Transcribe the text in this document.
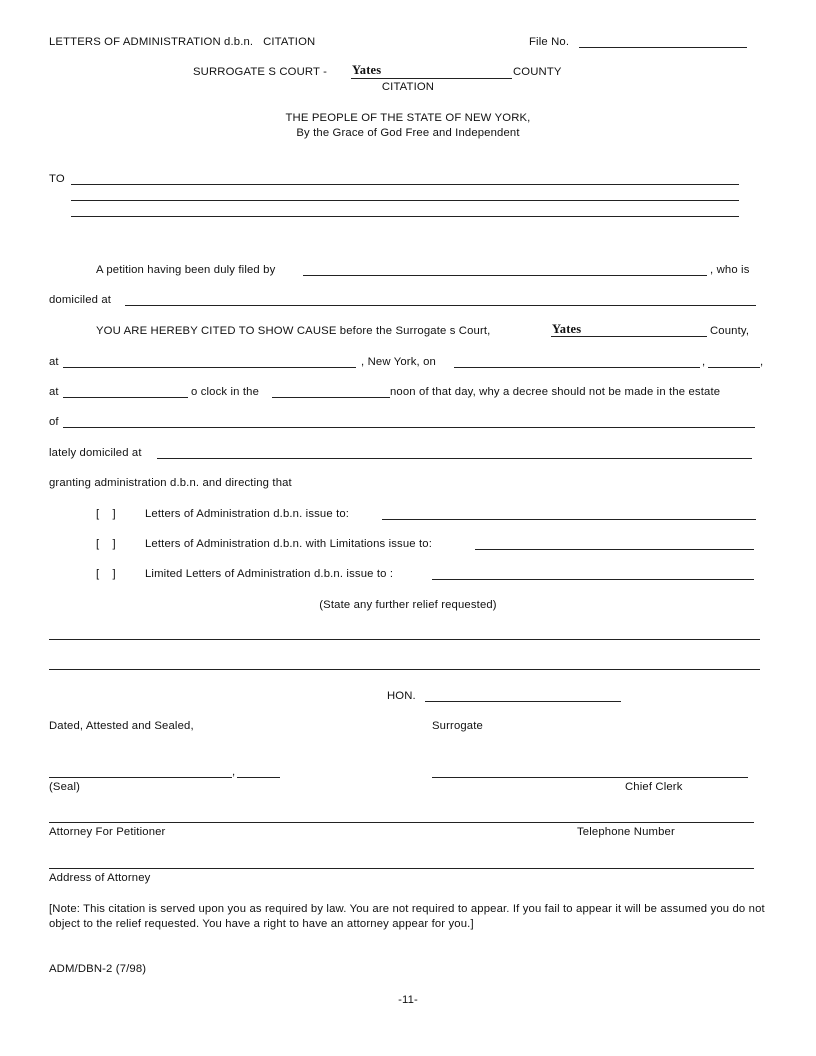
LETTERS OF ADMINISTRATION d.b.n.   CITATION	File No.
SURROGATE S COURT - Yates	COUNTY
CITATION
THE PEOPLE OF THE STATE OF NEW YORK,
By the Grace of God Free and Independent
TO
A petition having been duly filed by	, who is
domiciled at
YOU ARE HEREBY CITED TO SHOW CAUSE before the Surrogate s Court,	Yates	County,
at	, New York, on	,	,
at	o clock in the	noon of that day, why a decree should not be made in the estate
of
lately domiciled at
granting administration d.b.n. and directing that
[    ]	Letters of Administration d.b.n. issue to:
[    ]	Letters of Administration d.b.n. with Limitations issue to:
[    ]	Limited Letters of Administration d.b.n. issue to :
(State any further relief requested)
HON.
Dated, Attested and Sealed,	Surrogate
,
(Seal)	Chief Clerk
Attorney For Petitioner	Telephone Number
Address of Attorney
[Note: This citation is served upon you as required by law. You are not required to appear. If you fail to appear it will be assumed you do not object to the relief requested. You have a right to have an attorney appear for you.]
ADM/DBN-2 (7/98)
-11-
